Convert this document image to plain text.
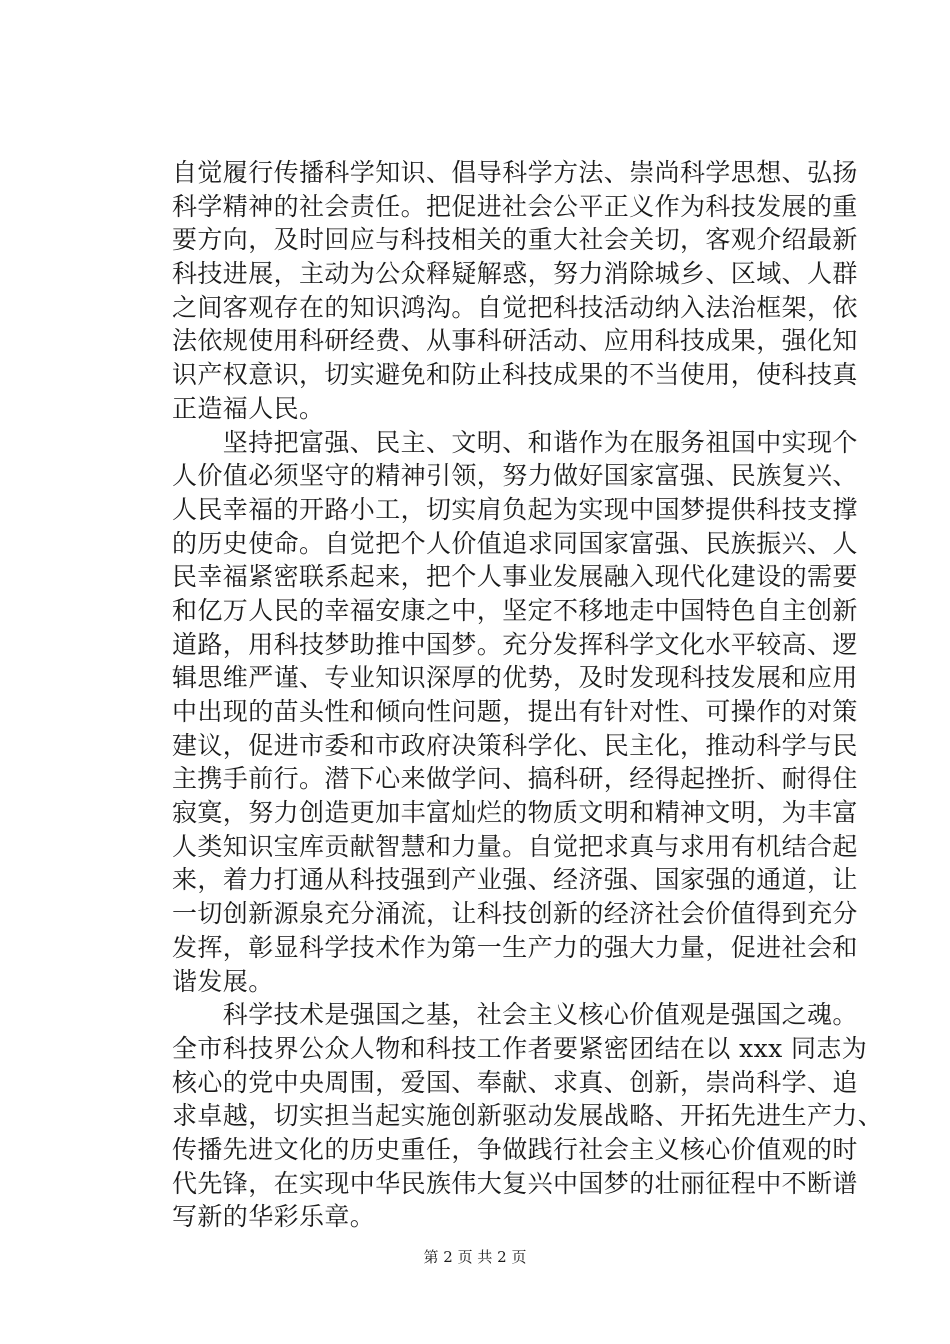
自觉履行传播科学知识、倡导科学方法、崇尚科学思想、弘扬
科学精神的社会责任。把促进社会公平正义作为科技发展的重
要方向，及时回应与科技相关的重大社会关切，客观介绍最新
科技进展，主动为公众释疑解惑，努力消除城乡、区域、人群
之间客观存在的知识鸿沟。自觉把科技活动纳入法治框架，依
法依规使用科研经费、从事科研活动、应用科技成果，强化知
识产权意识，切实避免和防止科技成果的不当使用，使科技真
正造福人民。
　　坚持把富强、民主、文明、和谐作为在服务祖国中实现个
人价值必须坚守的精神引领，努力做好国家富强、民族复兴、
人民幸福的开路小工，切实肩负起为实现中国梦提供科技支撑
的历史使命。自觉把个人价值追求同国家富强、民族振兴、人
民幸福紧密联系起来，把个人事业发展融入现代化建设的需要
和亿万人民的幸福安康之中，坚定不移地走中国特色自主创新
道路，用科技梦助推中国梦。充分发挥科学文化水平较高、逻
辑思维严谨、专业知识深厚的优势，及时发现科技发展和应用
中出现的苗头性和倾向性问题，提出有针对性、可操作的对策
建议，促进市委和市政府决策科学化、民主化，推动科学与民
主携手前行。潜下心来做学问、搞科研，经得起挫折、耐得住
寂寞，努力创造更加丰富灿烂的物质文明和精神文明，为丰富
人类知识宝库贡献智慧和力量。自觉把求真与求用有机结合起
来，着力打通从科技强到产业强、经济强、国家强的通道，让
一切创新源泉充分涌流，让科技创新的经济社会价值得到充分
发挥，彰显科学技术作为第一生产力的强大力量，促进社会和
谐发展。
　　科学技术是强国之基，社会主义核心价值观是强国之魂。
全市科技界公众人物和科技工作者要紧密团结在以 xxx 同志为
核心的党中央周围，爱国、奉献、求真、创新，崇尚科学、追
求卓越，切实担当起实施创新驱动发展战略、开拓先进生产力、
传播先进文化的历史重任，争做践行社会主义核心价值观的时
代先锋，在实现中华民族伟大复兴中国梦的壮丽征程中不断谱
写新的华彩乐章。
第 2 页 共 2 页
